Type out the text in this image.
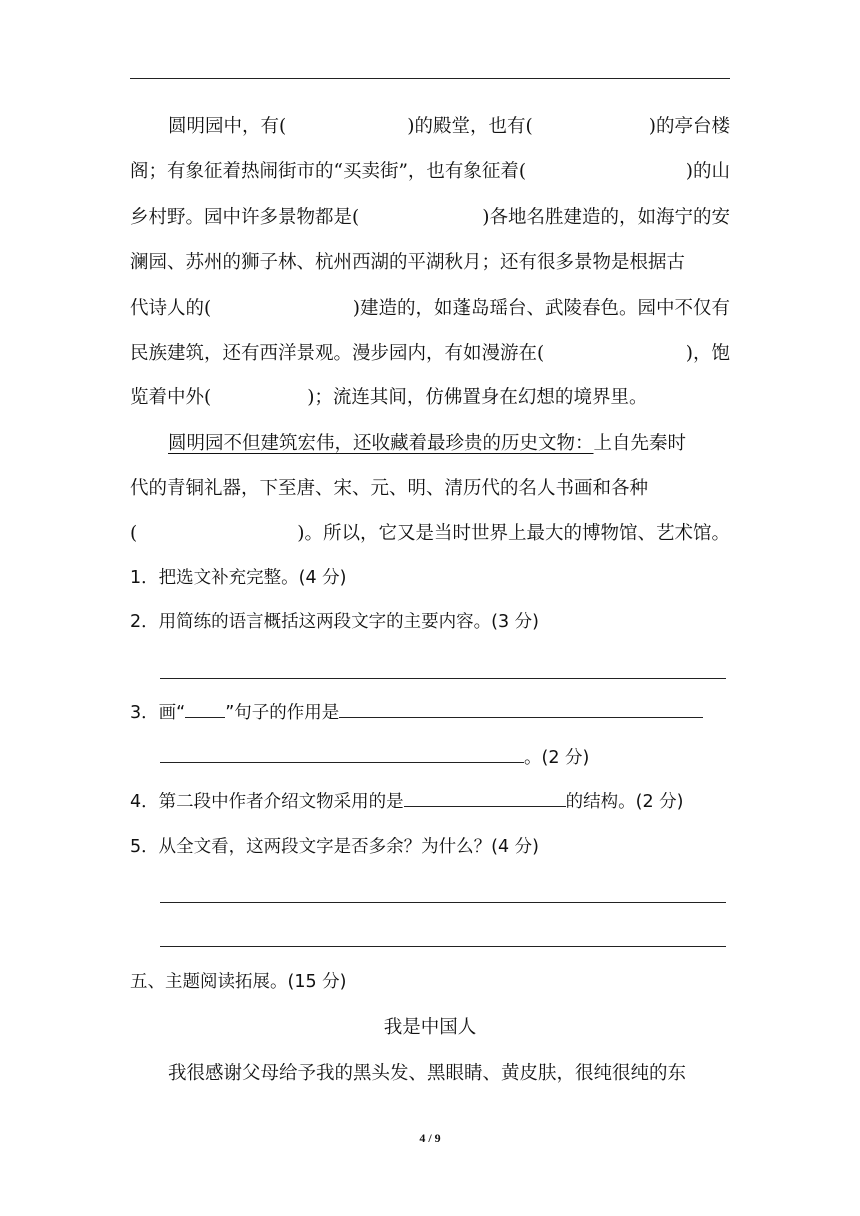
圆明园中，有(	)的殿堂，也有(	)的亭台楼
阁；有象征着热闹街市的“买卖街”，也有象征着(	)的山
乡村野。园中许多景物都是(	)各地名胜建造的，如海宁的安
澜园、苏州的狮子林、杭州西湖的平湖秋月；还有很多景物是根据古
代诗人的(	)建造的，如蓬岛瑶台、武陵春色。园中不仅有
民族建筑，还有西洋景观。漫步园内，有如漫游在(	)，饱
览着中外(	)；流连其间，仿佛置身在幻想的境界里。
圆明园不但建筑宏伟，还收藏着最珍贵的历史文物： 上自先秦时
代的青铜礼器，下至唐、宋、元、明、清历代的名人书画和各种
(	)。所以，它又是当时世界上最大的博物馆、艺术馆。
1．把选文补充完整。(4 分)
2．用简练的语言概括这两段文字的主要内容。(3 分)
3．画“ ”句子的作用是
。(2 分)
4．第二段中作者介绍文物采用的是	的结构。(2 分)
5．从全文看，这两段文字是否多余？为什么？(4 分)
五、主题阅读拓展。(15 分)
我是中国人
我很感谢父母给予我的黑头发、黑眼睛、黄皮肤，很纯很纯的东
4 / 9
